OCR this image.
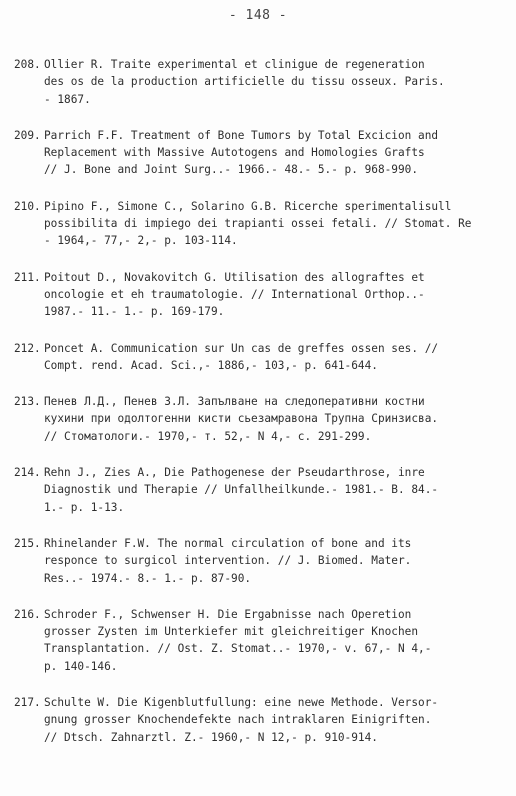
- 148 -
208. Ollier R. Traite experimental et clinigue de regeneration
des os de la production artificielle du tissu osseux. Paris.
- 1867.
209. Parrich F.F. Treatment of Bone Tumors by Total Excicion and
Replacement with Massive Autotogens and Homologies Grafts
// J. Bone and Joint Surg..- 1966.- 48.- 5.- p. 968-990.
210. Pipino F., Simone C., Solarino G.B. Ricerche sperimentalisull
possibilita di impiego dei trapianti ossei fetali. // Stomat. Re
- 1964,- 77,- 2,- p. 103-114.
211. Poitout D., Novakovitch G. Utilisation des allograftes et
oncologie et eh traumatologie. // International Orthop..-
1987.- 11.- 1.- p. 169-179.
212. Poncet A. Communication sur Un cas de greffes ossen ses. //
Compt. rend. Acad. Sci.,- 1886,- 103,- p. 641-644.
213. Пенев Л.Д., Пенев З.Л. Запълване на следоперативни костни
кухини при одолтогенни кисти сьезамравона Трупна Сринзисва.
// Стоматологи.- 1970,- т. 52,- N 4,- с. 291-299.
214. Rehn J., Zies A., Die Pathogenese der Pseudarthrose, inre
Diagnostik und Therapie // Unfallheilkunde.- 1981.- B. 84.-
1.- p. 1-13.
215. Rhinelander F.W. The normal circulation of bone and its
responce to surgicol intervention. // J. Biomed. Mater.
Res..- 1974.- 8.- 1.- p. 87-90.
216. Schroder F., Schwenser H. Die Ergabnisse nach Operetion
grosser Zysten im Unterkiefer mit gleichreitiger Knochen
Transplantation. // Ost. Z. Stomat..- 1970,- v. 67,- N 4,-
p. 140-146.
217. Schulte W. Die Kigenblutfullung: eine newe Methode. Versor-
gnung grosser Knochendefekte nach intraklaren Einigriften.
// Dtsch. Zahnarztl. Z.- 1960,- N 12,- p. 910-914.
